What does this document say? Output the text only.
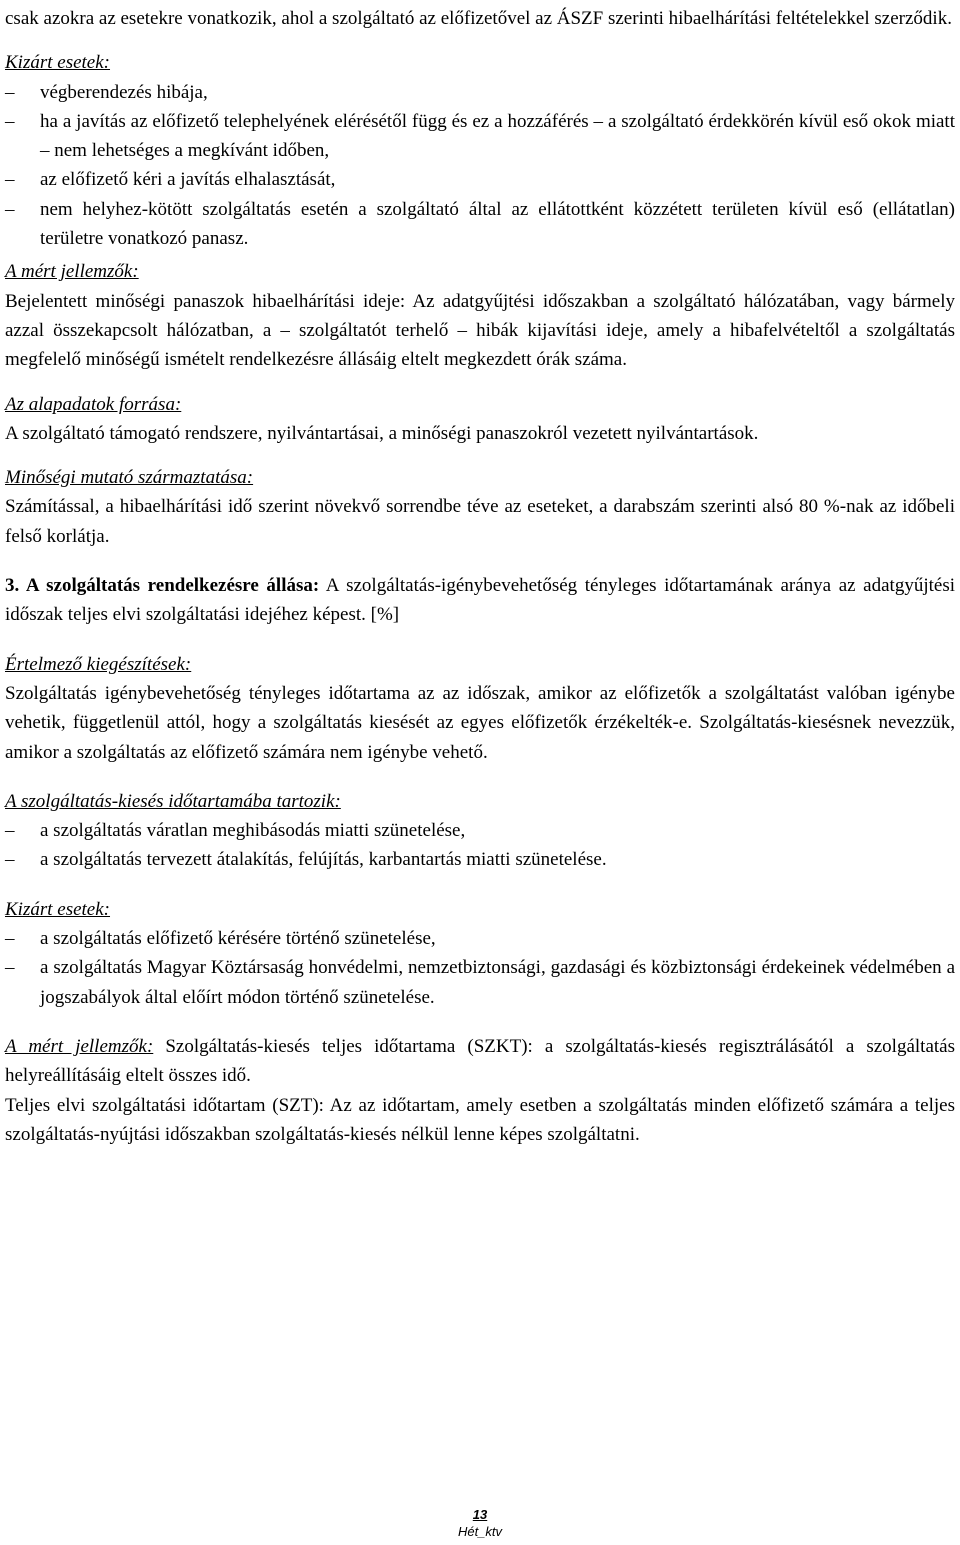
csak azokra az esetekre vonatkozik, ahol a szolgáltató az előfizetővel az ÁSZF szerinti hibaelhárítási feltételekkel szerződik.

Kizárt esetek:

– végberendezés hibája,
– ha a javítás az előfizető telephelyének elérésétől függ és ez a hozzáférés – a szolgáltató érdekkörén kívül eső okok miatt – nem lehetséges a megkívánt időben,
– az előfizető kéri a javítás elhalasztását,
– nem helyhez-kötött szolgáltatás esetén a szolgáltató által az ellátottként közzétett területen kívül eső (ellátatlan) területre vonatkozó panasz.

A mért jellemzők:

Bejelentett minőségi panaszok hibaelhárítási ideje: Az adatgyűjtési időszakban a szolgáltató hálózatában, vagy bármely azzal összekapcsolt hálózatban, a – szolgáltatót terhelő – hibák kijavítási ideje, amely a hibafelvételtől a szolgáltatás megfelelő minőségű ismételt rendelkezésre állásáig eltelt megkezdett órák száma.

Az alapadatok forrása:

A szolgáltató támogató rendszere, nyilvántartásai, a minőségi panaszokról vezetett nyilvántartások.

Minőségi mutató származtatása:

Számítással, a hibaelhárítási idő szerint növekvő sorrendbe téve az eseteket, a darabszám szerinti alsó 80 %-nak az időbeli felső korlátja.

3. A szolgáltatás rendelkezésre állása: A szolgáltatás-igénybevehetőség tényleges időtartamának aránya az adatgyűjtési időszak teljes elvi szolgáltatási idejéhez képest. [%]

Értelmező kiegészítések:

Szolgáltatás igénybevehetőség tényleges időtartama az az időszak, amikor az előfizetők a szolgáltatást valóban igénybe vehetik, függetlenül attól, hogy a szolgáltatás kiesését az egyes előfizetők érzékelték-e. Szolgáltatás-kiesésnek nevezzük, amikor a szolgáltatás az előfizető számára nem igénybe vehető.

A szolgáltatás-kiesés időtartamába tartozik:

– a szolgáltatás váratlan meghibásodás miatti szünetelése,
– a szolgáltatás tervezett átalakítás, felújítás, karbantartás miatti szünetelése.

Kizárt esetek:

– a szolgáltatás előfizető kérésére történő szünetelése,
– a szolgáltatás Magyar Köztársaság honvédelmi, nemzetbiztonsági, gazdasági és közbiztonsági érdekeinek védelmében a jogszabályok által előírt módon történő szünetelése.

A mért jellemzők: Szolgáltatás-kiesés teljes időtartama (SZKT): a szolgáltatás-kiesés regisztrálásától a szolgáltatás helyreállításáig eltelt összes idő.

Teljes elvi szolgáltatási időtartam (SZT): Az az időtartam, amely esetben a szolgáltatás minden előfizető számára a teljes szolgáltatás-nyújtási időszakban szolgáltatás-kiesés nélkül lenne képes szolgáltatni.

13
Hét_ktv
